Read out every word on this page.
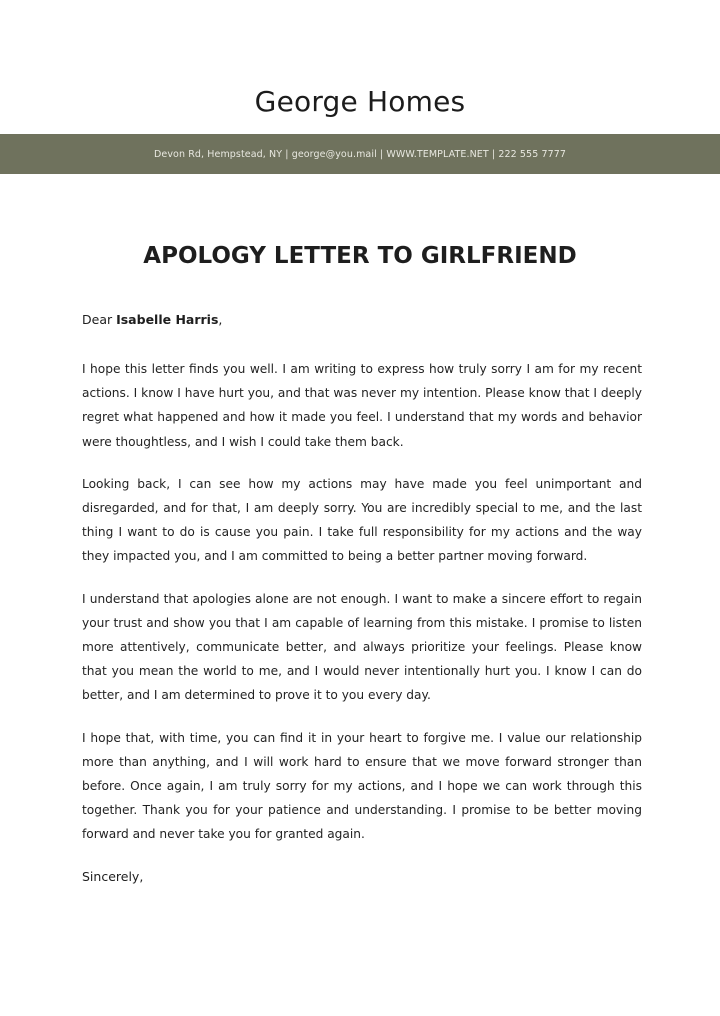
George Homes
Devon Rd, Hempstead, NY | george@you.mail | WWW.TEMPLATE.NET | 222 555 7777
APOLOGY LETTER TO GIRLFRIEND

Dear Isabelle Harris,

I hope this letter finds you well. I am writing to express how truly sorry I am for my recent actions. I know I have hurt you, and that was never my intention. Please know that I deeply regret what happened and how it made you feel. I understand that my words and behavior were thoughtless, and I wish I could take them back.

Looking back, I can see how my actions may have made you feel unimportant and disregarded, and for that, I am deeply sorry. You are incredibly special to me, and the last thing I want to do is cause you pain. I take full responsibility for my actions and the way they impacted you, and I am committed to being a better partner moving forward.

I understand that apologies alone are not enough. I want to make a sincere effort to regain your trust and show you that I am capable of learning from this mistake. I promise to listen more attentively, communicate better, and always prioritize your feelings. Please know that you mean the world to me, and I would never intentionally hurt you. I know I can do better, and I am determined to prove it to you every day.

I hope that, with time, you can find it in your heart to forgive me. I value our relationship more than anything, and I will work hard to ensure that we move forward stronger than before. Once again, I am truly sorry for my actions, and I hope we can work through this together. Thank you for your patience and understanding. I promise to be better moving forward and never take you for granted again.

Sincerely,
